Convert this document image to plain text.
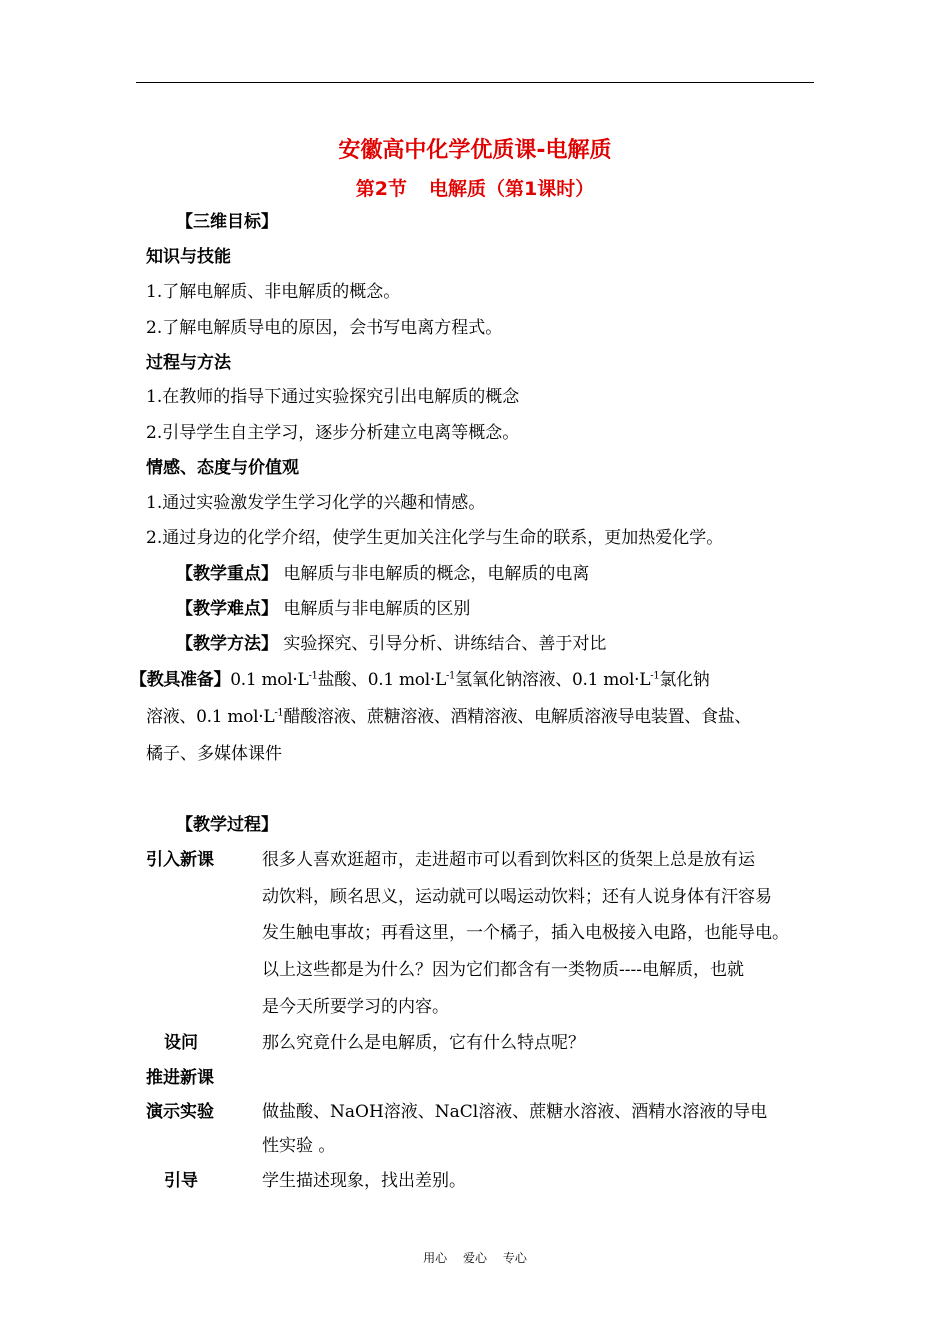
安徽高中化学优质课-电解质
第2节 电解质（第1课时）
【三维目标】
知识与技能
1.了解电解质、非电解质的概念。
2.了解电解质导电的原因，会书写电离方程式。
过程与方法
1.在教师的指导下通过实验探究引出电解质的概念
2.引导学生自主学习，逐步分析建立电离等概念。
情感、态度与价值观
1.通过实验激发学生学习化学的兴趣和情感。
2.通过身边的化学介绍，使学生更加关注化学与生命的联系，更加热爱化学。
【教学重点】 电解质与非电解质的概念，电解质的电离
【教学难点】 电解质与非电解质的区别
【教学方法】 实验探究、引导分析、讲练结合、善于对比
【教具准备】0.1 $mol\cdot L^{-1}$盐酸、0.1 $mol\cdot L^{-1}$氢氧化钠溶液、0.1 $mol\cdot L^{-1}$氯化钠
溶液、0.1 $mol\cdot L^{-1}$醋酸溶液、蔗糖溶液、酒精溶液、电解质溶液导电装置、食盐、
橘子、多媒体课件
【教学过程】
引入新课	很多人喜欢逛超市，走进超市可以看到饮料区的货架上总是放有运
动饮料，顾名思义，运动就可以喝运动饮料；还有人说身体有汗容易
发生触电事故；再看这里，一个橘子，插入电极接入电路，也能导电。
以上这些都是为什么？因为它们都含有一类物质----电解质，也就
是今天所要学习的内容。
设问	那么究竟什么是电解质，它有什么特点呢？
推进新课
演示实验	做盐酸、NaOH溶液、NaCl溶液、蔗糖水溶液、酒精水溶液的导电
性实验 。
引导	学生描述现象，找出差别。
用心 爱心 专心
